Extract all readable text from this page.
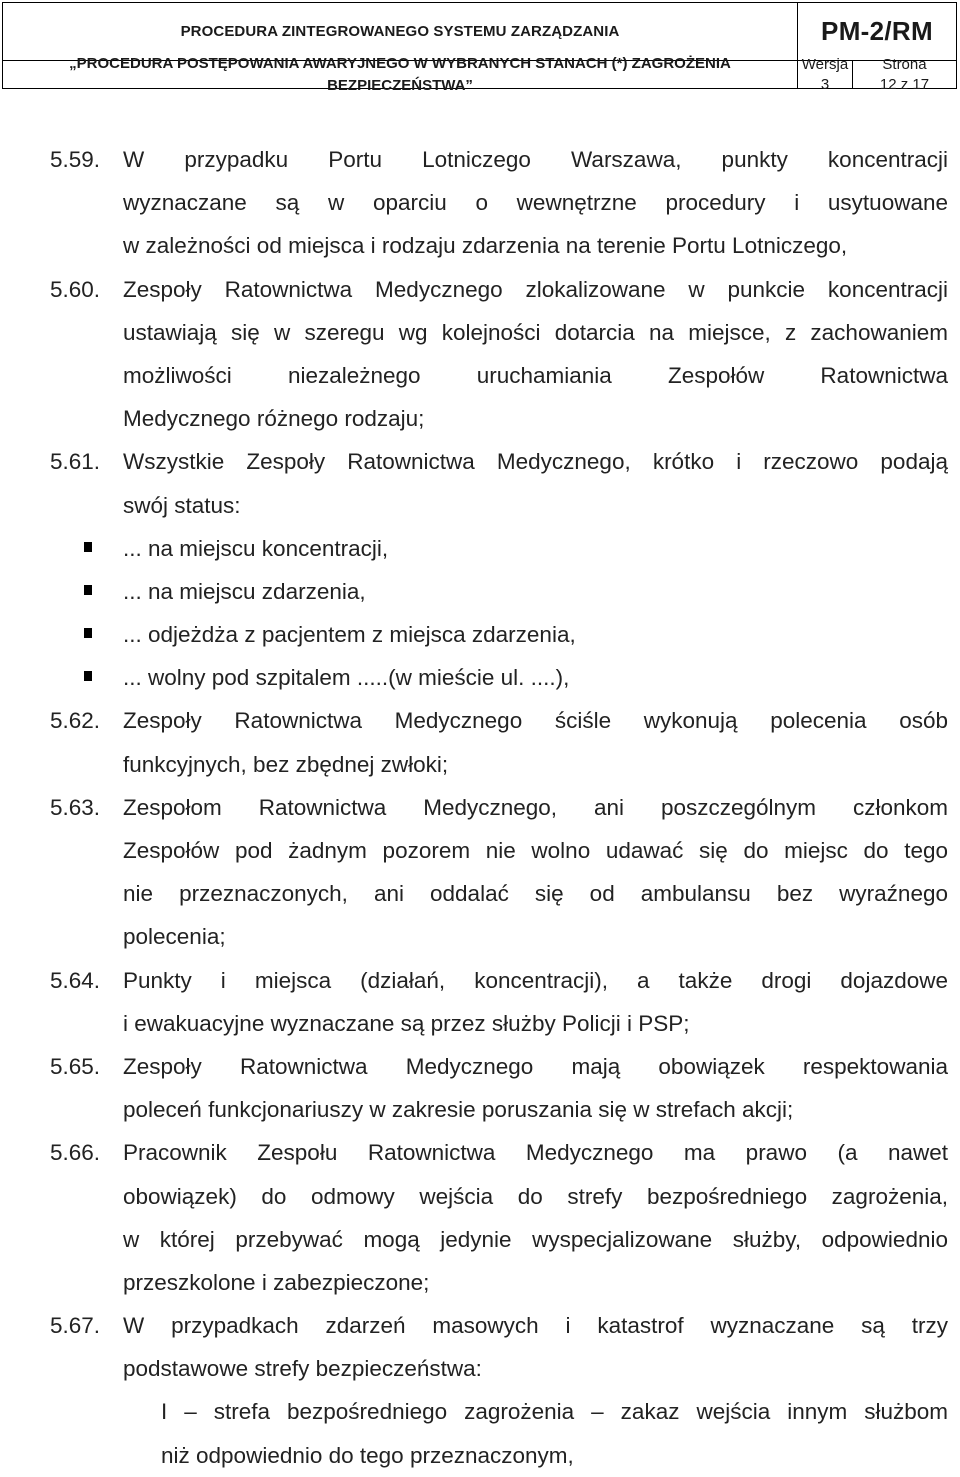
PROCEDURA ZINTEGROWANEGO SYSTEMU ZARZĄDZANIA	PM-2/RM
„PROCEDURA POSTĘPOWANIA AWARYJNEGO W WYBRANYCH STANACH (*) ZAGROŻENIA
BEZPIECZEŃSTWA”
Wersja
3
Strona
12 z 17
5.59. W przypadku Portu Lotniczego Warszawa, punkty koncentracji
wyznaczane są w oparciu o wewnętrzne procedury i usytuowane
w zależności od miejsca i rodzaju zdarzenia na terenie Portu Lotniczego,
5.60. Zespoły Ratownictwa Medycznego zlokalizowane w punkcie koncentracji
ustawiają się w szeregu wg kolejności dotarcia na miejsce, z zachowaniem
możliwości niezależnego uruchamiania Zespołów Ratownictwa
Medycznego różnego rodzaju;
5.61. Wszystkie Zespoły Ratownictwa Medycznego, krótko i rzeczowo podają
swój status:
... na miejscu koncentracji,
... na miejscu zdarzenia,
... odjeżdża z pacjentem z miejsca zdarzenia,
... wolny pod szpitalem .....(w mieście ul. ....),
5.62. Zespoły Ratownictwa Medycznego ściśle wykonują polecenia osób
funkcyjnych, bez zbędnej zwłoki;
5.63. Zespołom Ratownictwa Medycznego, ani poszczególnym członkom
Zespołów pod żadnym pozorem nie wolno udawać się do miejsc do tego
nie przeznaczonych, ani oddalać się od ambulansu bez wyraźnego
polecenia;
5.64. Punkty i miejsca (działań, koncentracji), a także drogi dojazdowe
i ewakuacyjne wyznaczane są przez służby Policji i PSP;
5.65. Zespoły Ratownictwa Medycznego mają obowiązek respektowania
poleceń funkcjonariuszy w zakresie poruszania się w strefach akcji;
5.66. Pracownik Zespołu Ratownictwa Medycznego ma prawo (a nawet
obowiązek) do odmowy wejścia do strefy bezpośredniego zagrożenia,
w której przebywać mogą jedynie wyspecjalizowane służby, odpowiednio
przeszkolone i zabezpieczone;
5.67. W przypadkach zdarzeń masowych i katastrof wyznaczane są trzy
podstawowe strefy bezpieczeństwa:
I – strefa bezpośredniego zagrożenia – zakaz wejścia innym służbom
niż odpowiednio do tego przeznaczonym,
